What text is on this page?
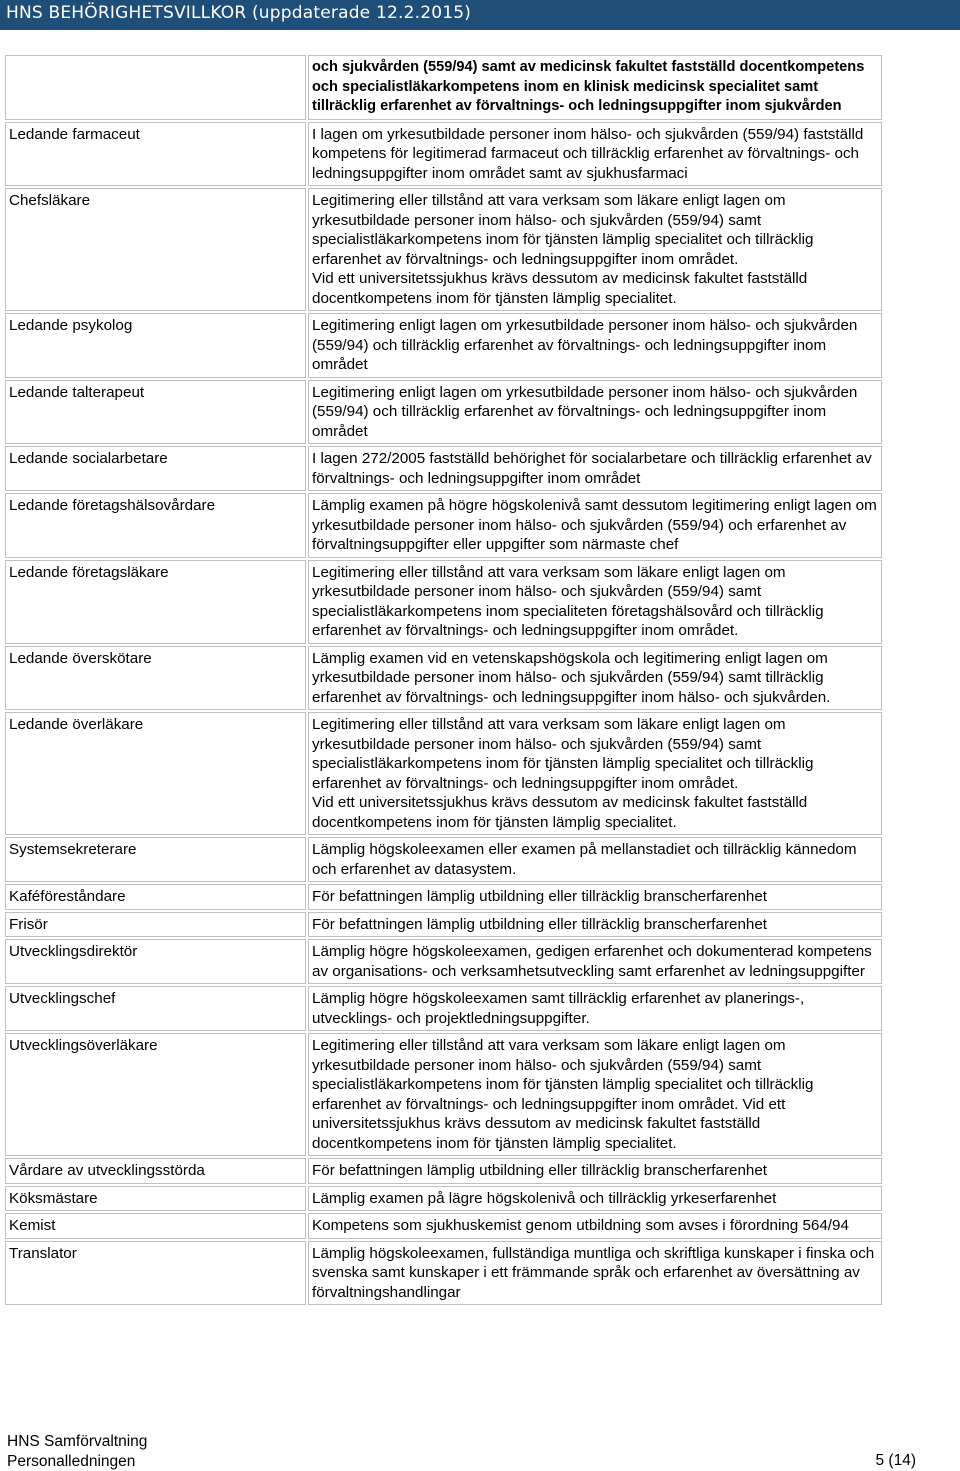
HNS BEHÖRIGHETSVILLKOR (uppdaterade 12.2.2015)

	och sjukvården (559/94) samt av medicinsk fakultet fastställd docentkompetens och specialistläkarkompetens inom en klinisk medicinsk specialitet samt tillräcklig erfarenhet av förvaltnings- och ledningsuppgifter inom sjukvården

Ledande farmaceut	I lagen om yrkesutbildade personer inom hälso- och sjukvården (559/94) fastställd kompetens för legitimerad farmaceut och tillräcklig erfarenhet av förvaltnings- och ledningsuppgifter inom området samt av sjukhusfarmaci

Chefsläkare	Legitimering eller tillstånd att vara verksam som läkare enligt lagen om yrkesutbildade personer inom hälso- och sjukvården (559/94) samt specialistläkarkompetens inom för tjänsten lämplig specialitet och tillräcklig erfarenhet av förvaltnings- och ledningsuppgifter inom området.
Vid ett universitetssjukhus krävs dessutom av medicinsk fakultet fastställd docentkompetens inom för tjänsten lämplig specialitet.

Ledande psykolog	Legitimering enligt lagen om yrkesutbildade personer inom hälso- och sjukvården (559/94) och tillräcklig erfarenhet av förvaltnings- och ledningsuppgifter inom området

Ledande talterapeut	Legitimering enligt lagen om yrkesutbildade personer inom hälso- och sjukvården (559/94) och tillräcklig erfarenhet av förvaltnings- och ledningsuppgifter inom området

Ledande socialarbetare	I lagen 272/2005 fastställd behörighet för socialarbetare och tillräcklig erfarenhet av förvaltnings- och ledningsuppgifter inom området

Ledande företagshälsovårdare	Lämplig examen på högre högskolenivå samt dessutom legitimering enligt lagen om yrkesutbildade personer inom hälso- och sjukvården (559/94) och erfarenhet av förvaltningsuppgifter eller uppgifter som närmaste chef

Ledande företagsläkare	Legitimering eller tillstånd att vara verksam som läkare enligt lagen om yrkesutbildade personer inom hälso- och sjukvården (559/94) samt specialistläkarkompetens inom specialiteten företagshälsovård och tillräcklig erfarenhet av förvaltnings- och ledningsuppgifter inom området.

Ledande överskötare	Lämplig examen vid en vetenskapshögskola och legitimering enligt lagen om yrkesutbildade personer inom hälso- och sjukvården (559/94) samt tillräcklig erfarenhet av förvaltnings- och ledningsuppgifter inom hälso- och sjukvården.

Ledande överläkare	Legitimering eller tillstånd att vara verksam som läkare enligt lagen om yrkesutbildade personer inom hälso- och sjukvården (559/94) samt specialistläkarkompetens inom för tjänsten lämplig specialitet och tillräcklig erfarenhet av förvaltnings- och ledningsuppgifter inom området.
Vid ett universitetssjukhus krävs dessutom av medicinsk fakultet fastställd docentkompetens inom för tjänsten lämplig specialitet.

Systemsekreterare	Lämplig högskoleexamen eller examen på mellanstadiet och tillräcklig kännedom och erfarenhet av datasystem.

Kaféföreståndare	För befattningen lämplig utbildning eller tillräcklig branscherfarenhet

Frisör	För befattningen lämplig utbildning eller tillräcklig branscherfarenhet

Utvecklingsdirektör	Lämplig högre högskoleexamen, gedigen erfarenhet och dokumenterad kompetens av organisations- och verksamhetsutveckling samt erfarenhet av ledningsuppgifter

Utvecklingschef	Lämplig högre högskoleexamen samt tillräcklig erfarenhet av planerings-, utvecklings- och projektledningsuppgifter.

Utvecklingsöverläkare	Legitimering eller tillstånd att vara verksam som läkare enligt lagen om yrkesutbildade personer inom hälso- och sjukvården (559/94) samt specialistläkarkompetens inom för tjänsten lämplig specialitet och tillräcklig erfarenhet av förvaltnings- och ledningsuppgifter inom området. Vid ett universitetssjukhus krävs dessutom av medicinsk fakultet fastställd docentkompetens inom för tjänsten lämplig specialitet.

Vårdare av utvecklingsstörda	För befattningen lämplig utbildning eller tillräcklig branscherfarenhet

Köksmästare	Lämplig examen på lägre högskolenivå och tillräcklig yrkeserfarenhet

Kemist	Kompetens som sjukhuskemist genom utbildning som avses i förordning 564/94

Translator	Lämplig högskoleexamen, fullständiga muntliga och skriftliga kunskaper i finska och svenska samt kunskaper i ett främmande språk och erfarenhet av översättning av förvaltningshandlingar
HNS Samförvaltning
Personalledningen	5 (14)
